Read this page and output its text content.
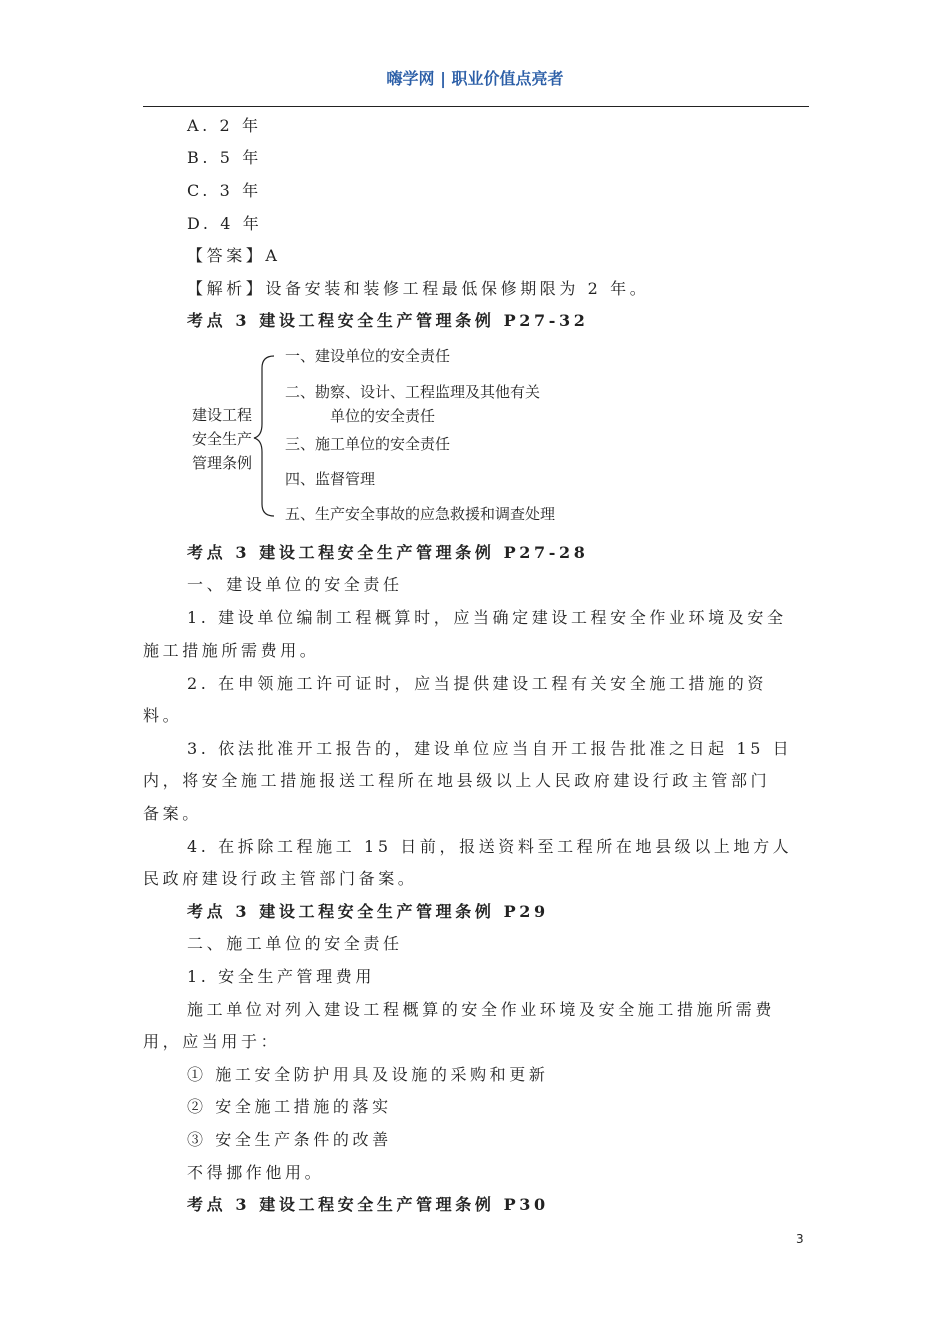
嗨学网 | 职业价值点亮者
A. 2 年
B. 5 年
C. 3 年
D. 4 年
【答案】A
【解析】设备安装和装修工程最低保修期限为 2 年。
考点 3 建设工程安全生产管理条例 P27-32
建设工程
安全生产
管理条例
一、建设单位的安全责任
二、勘察、设计、工程监理及其他有关
单位的安全责任
三、施工单位的安全责任
四、监督管理
五、生产安全事故的应急救援和调查处理
考点 3 建设工程安全生产管理条例 P27-28
一、建设单位的安全责任
1. 建设单位编制工程概算时，应当确定建设工程安全作业环境及安全
施工措施所需费用。
2. 在申领施工许可证时，应当提供建设工程有关安全施工措施的资
料。
3. 依法批准开工报告的，建设单位应当自开工报告批准之日起 15 日
内，将安全施工措施报送工程所在地县级以上人民政府建设行政主管部门
备案。
4. 在拆除工程施工 15 日前，报送资料至工程所在地县级以上地方人
民政府建设行政主管部门备案。
考点 3 建设工程安全生产管理条例 P29
二、施工单位的安全责任
1. 安全生产管理费用
施工单位对列入建设工程概算的安全作业环境及安全施工措施所需费
用，应当用于：
① 施工安全防护用具及设施的采购和更新
② 安全施工措施的落实
③ 安全生产条件的改善
不得挪作他用。
考点 3 建设工程安全生产管理条例 P30
3
